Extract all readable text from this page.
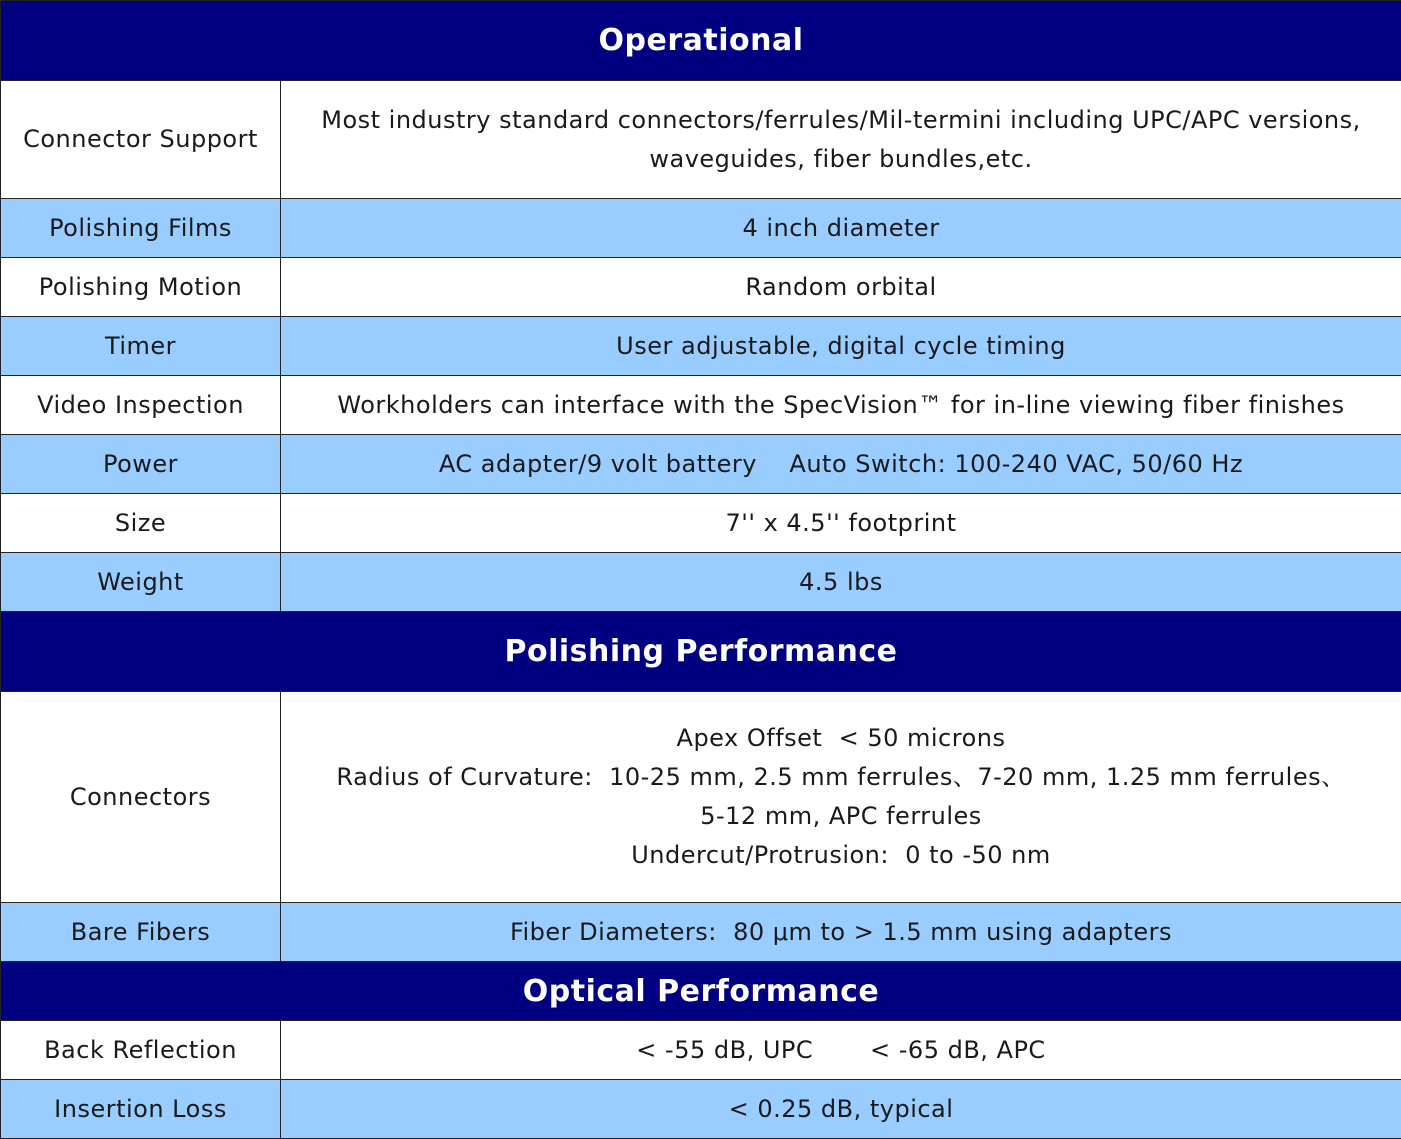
Operational	
Connector Support	Most industry standard connectors/ferrules/Mil-termini including UPC/APC versions,
waveguides, fiber bundles,etc.

Polishing Films	4 inch diameter
Polishing Motion	Random orbital
Timer	User adjustable, digital cycle timing
Video Inspection	Workholders can interface with the SpecVision™ for in-line viewing fiber finishes
Power	AC adapter/9 volt battery    Auto Switch: 100-240 VAC, 50/60 Hz
Size	7'' x 4.5'' footprint
Weight	4.5 lbs
Polishing Performance	
Connectors	Apex Offset  < 50 microns
Radius of Curvature:  10-25 mm, 2.5 mm ferrules、7-20 mm, 1.25 mm ferrules、
5-12 mm, APC ferrules
Undercut/Protrusion:  0 to -50 nm

Bare Fibers	Fiber Diameters:  80 μm to > 1.5 mm using adapters
Optical Performance	
Back Reflection	< -55 dB, UPC       < -65 dB, APC
Insertion Loss	< 0.25 dB, typical
